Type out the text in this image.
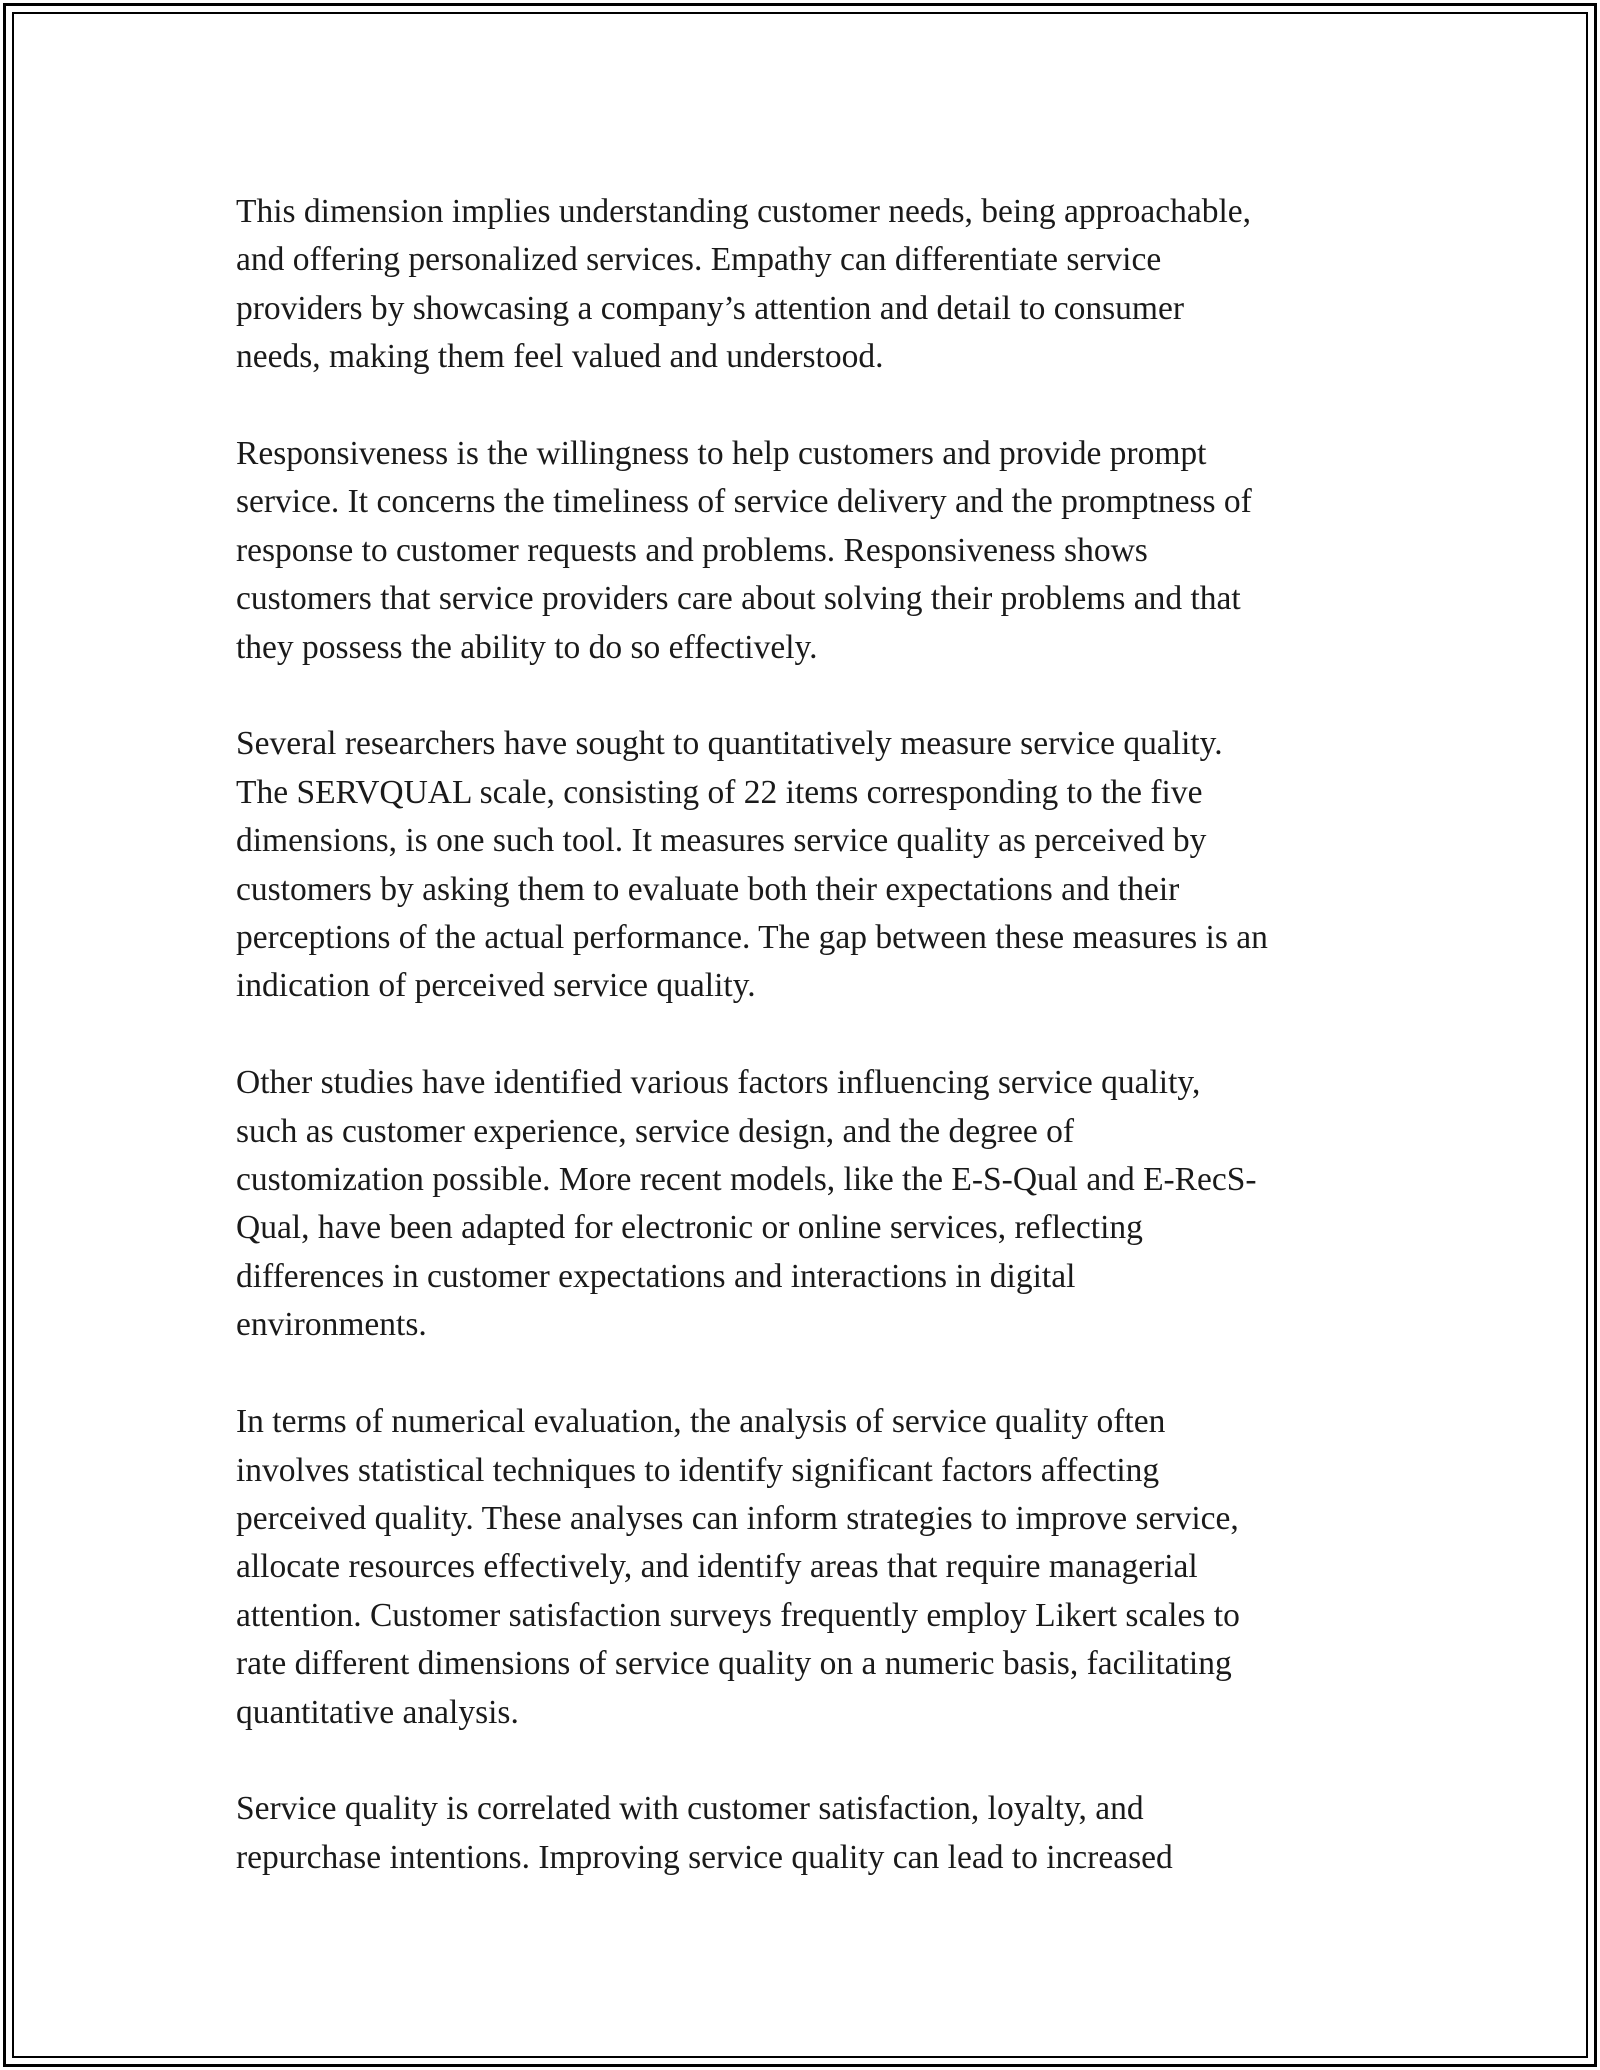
This dimension implies understanding customer needs, being approachable,
and offering personalized services. Empathy can differentiate service
providers by showcasing a company’s attention and detail to consumer
needs, making them feel valued and understood.

Responsiveness is the willingness to help customers and provide prompt
service. It concerns the timeliness of service delivery and the promptness of
response to customer requests and problems. Responsiveness shows
customers that service providers care about solving their problems and that
they possess the ability to do so effectively.

Several researchers have sought to quantitatively measure service quality.
The SERVQUAL scale, consisting of 22 items corresponding to the five
dimensions, is one such tool. It measures service quality as perceived by
customers by asking them to evaluate both their expectations and their
perceptions of the actual performance. The gap between these measures is an
indication of perceived service quality.

Other studies have identified various factors influencing service quality,
such as customer experience, service design, and the degree of
customization possible. More recent models, like the E-S-Qual and E-RecS-
Qual, have been adapted for electronic or online services, reflecting
differences in customer expectations and interactions in digital
environments.

In terms of numerical evaluation, the analysis of service quality often
involves statistical techniques to identify significant factors affecting
perceived quality. These analyses can inform strategies to improve service,
allocate resources effectively, and identify areas that require managerial
attention. Customer satisfaction surveys frequently employ Likert scales to
rate different dimensions of service quality on a numeric basis, facilitating
quantitative analysis.

Service quality is correlated with customer satisfaction, loyalty, and
repurchase intentions. Improving service quality can lead to increased
